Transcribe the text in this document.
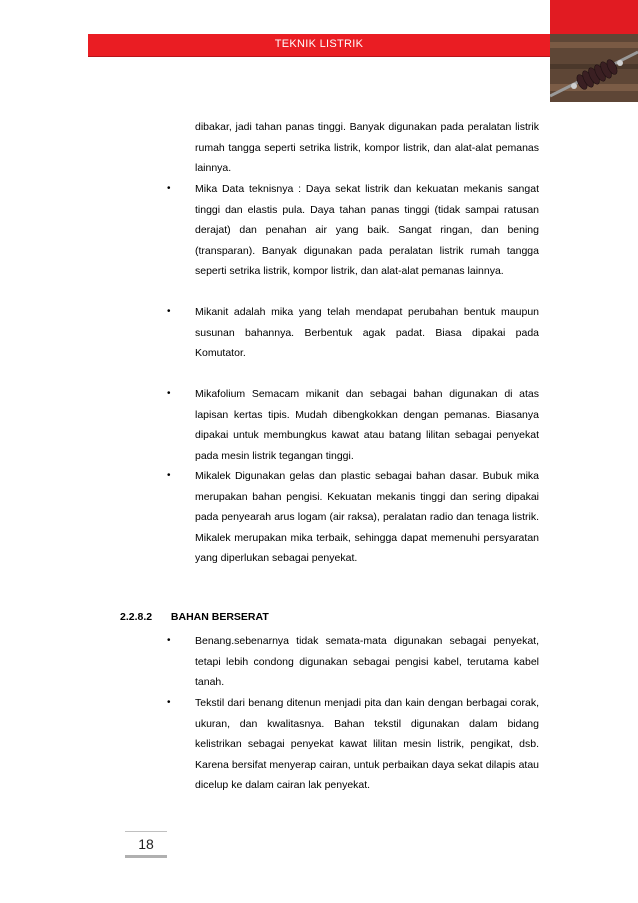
TEKNIK LISTRIK
dibakar, jadi tahan panas tinggi. Banyak digunakan pada peralatan listrik rumah tangga seperti setrika listrik, kompor listrik, dan alat-alat pemanas lainnya.
• Mika Data teknisnya : Daya sekat listrik dan kekuatan mekanis sangat tinggi dan elastis pula. Daya tahan panas tinggi (tidak sampai ratusan derajat) dan penahan air yang baik. Sangat ringan, dan bening (transparan). Banyak digunakan pada peralatan listrik rumah tangga seperti setrika listrik, kompor listrik, dan alat-alat pemanas lainnya.
• Mikanit adalah mika yang telah mendapat perubahan bentuk maupun susunan bahannya. Berbentuk agak padat. Biasa dipakai pada Komutator.
• Mikafolium Semacam mikanit dan sebagai bahan digunakan di atas lapisan kertas tipis. Mudah dibengkokkan dengan pemanas. Biasanya dipakai untuk membungkus kawat atau batang lilitan sebagai penyekat pada mesin listrik tegangan tinggi.
• Mikalek Digunakan gelas dan plastic sebagai bahan dasar. Bubuk mika merupakan bahan pengisi. Kekuatan mekanis tinggi dan sering dipakai pada penyearah arus logam (air raksa), peralatan radio dan tenaga listrik. Mikalek merupakan mika terbaik, sehingga dapat memenuhi persyaratan yang diperlukan sebagai penyekat.
2.2.8.2 BAHAN BERSERAT
• Benang.sebenarnya tidak semata-mata digunakan sebagai penyekat, tetapi lebih condong digunakan sebagai pengisi kabel, terutama kabel tanah.
• Tekstil dari benang ditenun menjadi pita dan kain dengan berbagai corak, ukuran, dan kwalitasnya. Bahan tekstil digunakan dalam bidang kelistrikan sebagai penyekat kawat lilitan mesin listrik, pengikat, dsb. Karena bersifat menyerap cairan, untuk perbaikan daya sekat dilapis atau dicelup ke dalam cairan lak penyekat.
18
